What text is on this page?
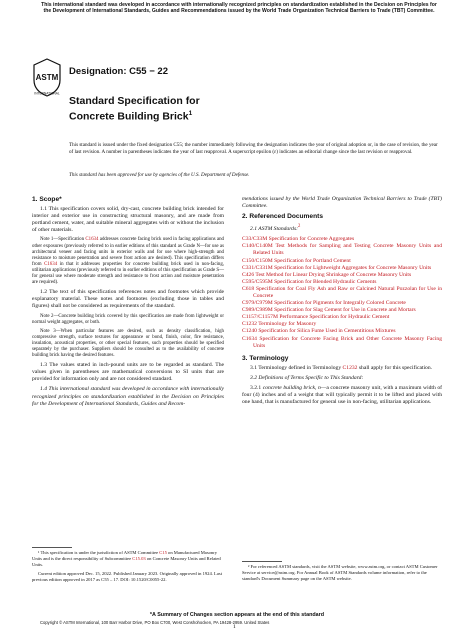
This international standard was developed in accordance with internationally recognized principles on standardization established in the Decision on Principles for the Development of International Standards, Guides and Recommendations issued by the World Trade Organization Technical Barriers to Trade (TBT) Committee.
ASTM
INTERNATIONAL
Designation: C55 − 22
Standard Specification for
Concrete Building Brick$^1$
This standard is issued under the fixed designation C55; the number immediately following the designation indicates the year of original adoption or, in the case of revision, the year of last revision. A number in parentheses indicates the year of last reapproval. A superscript epsilon (ε) indicates an editorial change since the last revision or reapproval.
This standard has been approved for use by agencies of the U.S. Department of Defense.
1. Scope*

1.1 This specification covers solid, dry-cast, concrete building brick intended for interior and exterior use in constructing structural masonry, and are made from portland cement, water, and suitable mineral aggregates with or without the inclusion of other materials.

Note 1—Specification C1634 addresses concrete facing brick used in facing applications and other exposures (previously referred to in earlier editions of this standard as Grade N—for use as architectural veneer and facing units in exterior walls and for use where high-strength and resistance to moisture penetration and severe frost action are desired). This specification differs from C1634 in that it addresses properties for concrete building brick used in non-facing, utilitarian applications (previously referred to in earlier editions of this specification as Grade S—for general use where moderate strength and resistance to frost action and moisture penetration are required).

1.2 The text of this specification references notes and footnotes which provide explanatory material. These notes and footnotes (excluding those in tables and figures) shall not be considered as requirements of the standard.

Note 2—Concrete building brick covered by this specification are made from lightweight or normal weight aggregates, or both.

Note 3—When particular features are desired, such as density classification, high compressive strength, surface textures for appearance or bond, finish, color, fire resistance, insulation, acoustical properties, or other special features, such properties should be specified separately by the purchaser. Suppliers should be consulted as to the availability of concrete building brick having the desired features.

1.3 The values stated in inch-pound units are to be regarded as standard. The values given in parentheses are mathematical conversions to SI units that are provided for information only and are not considered standard.

1.4 This international standard was developed in accordance with internationally recognized principles on standardization established in the Decision on Principles for the Development of International Standards, Guides and Recom-

mendations issued by the World Trade Organization Technical Barriers to Trade (TBT) Committee.

2. Referenced Documents

2.1 ASTM Standards:$^2$

C33/C33M Specification for Concrete Aggregates

C140/C140M Test Methods for Sampling and Testing Concrete Masonry Units and Related Units

C150/C150M Specification for Portland Cement

C331/C331M Specification for Lightweight Aggregates for Concrete Masonry Units

C426 Test Method for Linear Drying Shrinkage of Concrete Masonry Units

C595/C595M Specification for Blended Hydraulic Cements

C618 Specification for Coal Fly Ash and Raw or Calcined Natural Pozzolan for Use in Concrete

C979/C979M Specification for Pigments for Integrally Colored Concrete

C989/C989M Specification for Slag Cement for Use in Concrete and Mortars

C1157/C1157M Performance Specification for Hydraulic Cement

C1232 Terminology for Masonry

C1240 Specification for Silica Fume Used in Cementitious Mixtures

C1634 Specification for Concrete Facing Brick and Other Concrete Masonry Facing Units

3. Terminology

3.1 Terminology defined in Terminology C1232 shall apply for this specification.

3.2 Definitions of Terms Specific to This Standard:

3.2.1 concrete building brick, n—a concrete masonry unit, with a maximum width of four (4) inches and of a weight that will typically permit it to be lifted and placed with one hand, that is manufactured for general use in non-facing, utilitarian applications.

¹ This specification is under the jurisdiction of ASTM Committee C15 on Manufactured Masonry Units and is the direct responsibility of Subcommittee C15.03 on Concrete Masonry Units and Related Units.

Current edition approved Dec. 15, 2022. Published January 2023. Originally approved in 1924. Last previous edition approved in 2017 as C55 – 17. DOI: 10.1520/C0055-22.

² For referenced ASTM standards, visit the ASTM website, www.astm.org, or contact ASTM Customer Service at service@astm.org. For Annual Book of ASTM Standards volume information, refer to the standard's Document Summary page on the ASTM website.

*A Summary of Changes section appears at the end of this standard
Copyright © ASTM International, 100 Barr Harbor Drive, PO Box C700, West Conshohocken, PA 19428-2959. United States
1
